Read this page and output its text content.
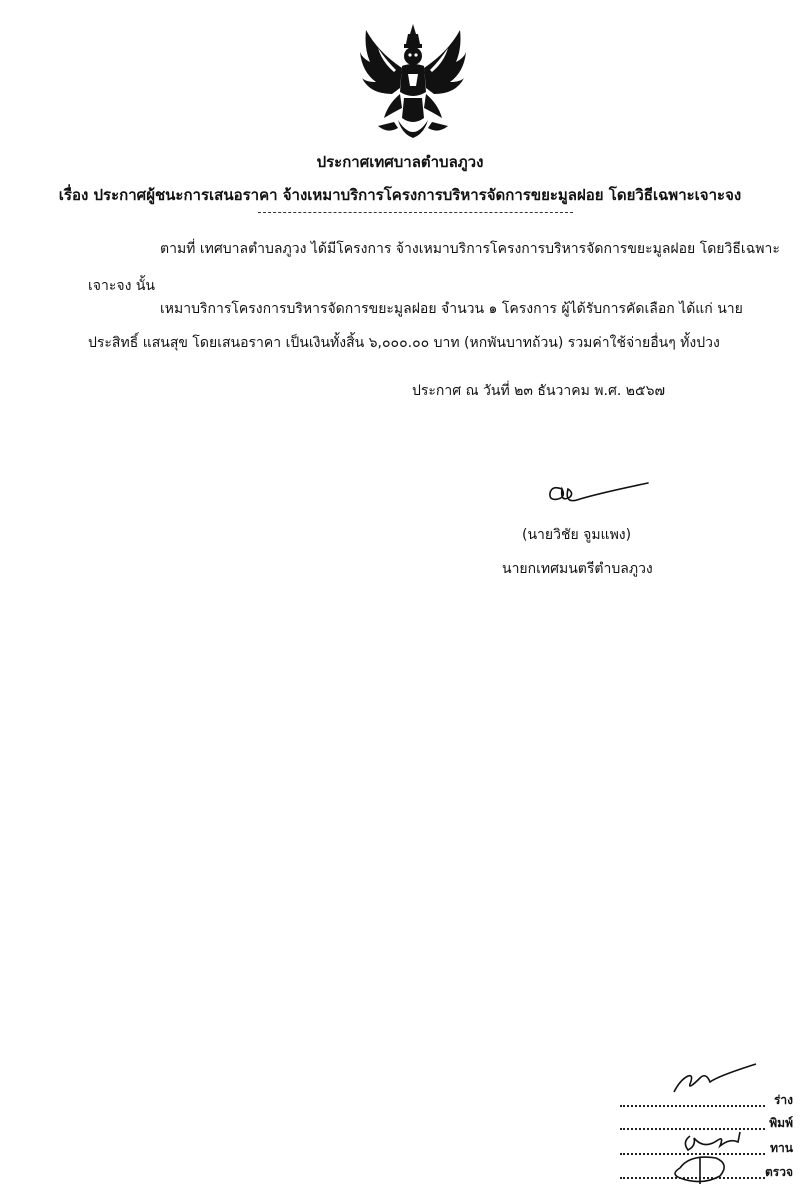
ประกาศเทศบาลตำบลภูวง
เรื่อง ประกาศผู้ชนะการเสนอราคา จ้างเหมาบริการโครงการบริหารจัดการขยะมูลฝอย โดยวิธีเฉพาะเจาะจง
ตามที่ เทศบาลตำบลภูวง ได้มีโครงการ จ้างเหมาบริการโครงการบริหารจัดการขยะมูลฝอย โดยวิธีเฉพาะ
เจาะจง นั้น
เหมาบริการโครงการบริหารจัดการขยะมูลฝอย จำนวน ๑ โครงการ ผู้ได้รับการคัดเลือก ได้แก่ นาย
ประสิทธิ์ แสนสุข โดยเสนอราคา เป็นเงินทั้งสิ้น ๖,๐๐๐.๐๐ บาท (หกพันบาทถ้วน) รวมค่าใช้จ่ายอื่นๆ ทั้งปวง
ประกาศ ณ วันที่ ๒๓ ธันวาคม พ.ศ. ๒๕๖๗
(นายวิชัย จูมแพง)
นายกเทศมนตรีตำบลภูวง
ร่าง
พิมพ์
ทาน
ตรวจ
